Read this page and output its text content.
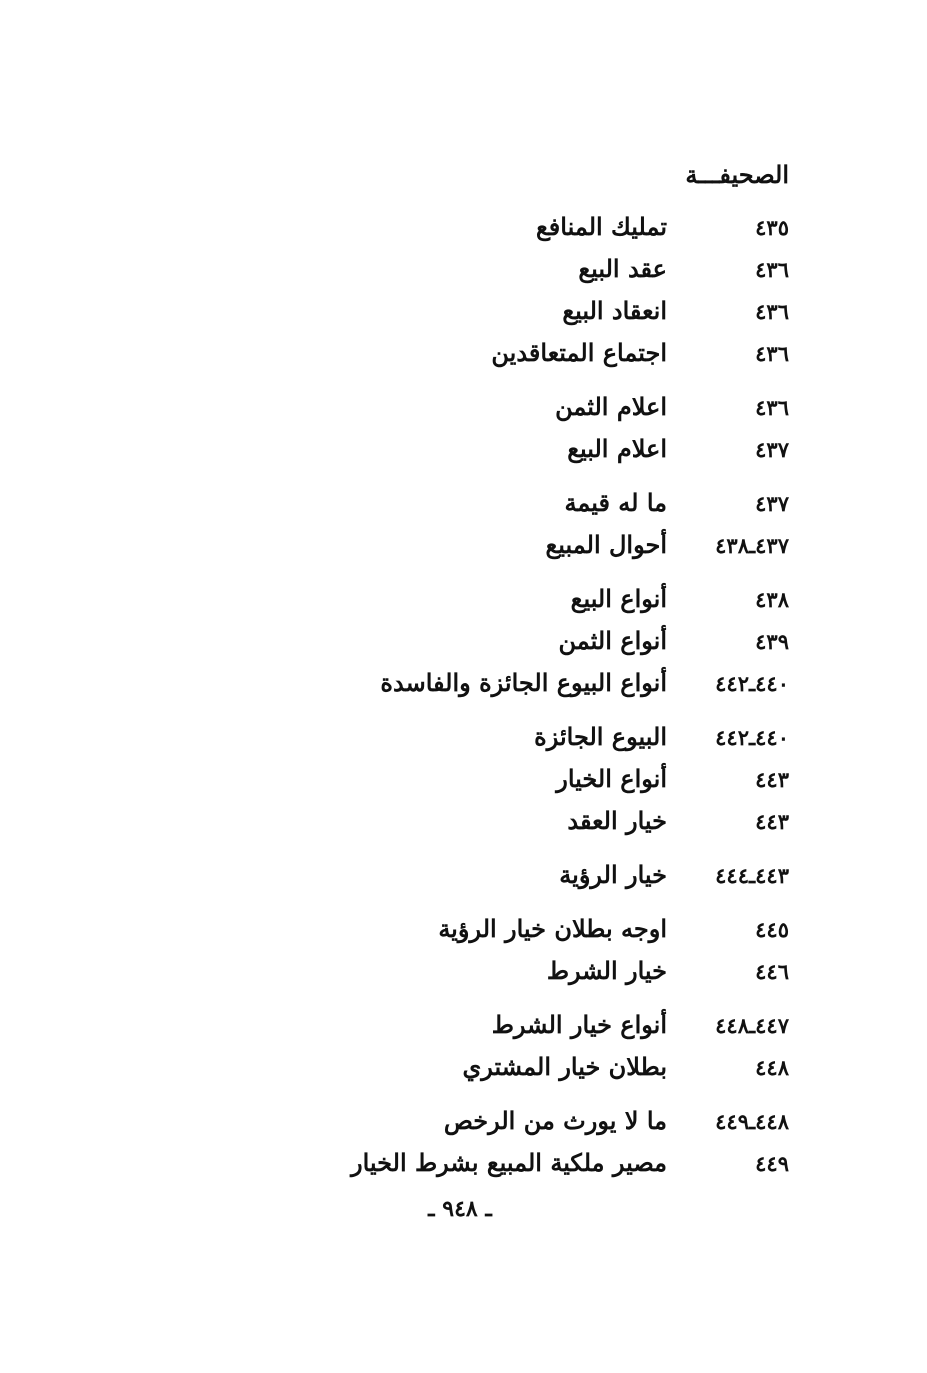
الصحيفـــة
٤٣٥
تمليك المنافع
٤٣٦
عقد البيع
٤٣٦
انعقاد البيع
٤٣٦
اجتماع المتعاقدين
٤٣٦
اعلام الثمن
٤٣٧
اعلام البيع
٤٣٧
ما له قيمة
٤٣٧ـ٤٣٨
أحوال المبيع
٤٣٨
أنواع البيع
٤٣٩
أنواع الثمن
٤٤٠ـ٤٤٢
أنواع البيوع الجائزة والفاسدة
٤٤٠ـ٤٤٢
البيوع الجائزة
٤٤٣
أنواع الخيار
٤٤٣
خيار العقد
٤٤٣ـ٤٤٤
خيار الرؤية
٤٤٥
اوجه بطلان خيار الرؤية
٤٤٦
خيار الشرط
٤٤٧ـ٤٤٨
أنواع خيار الشرط
٤٤٨
بطلان خيار المشتري
٤٤٨ـ٤٤٩
ما لا يورث من الرخص
٤٤٩
مصير ملكية المبيع بشرط الخيار
ـ ٩٤٨ ـ
